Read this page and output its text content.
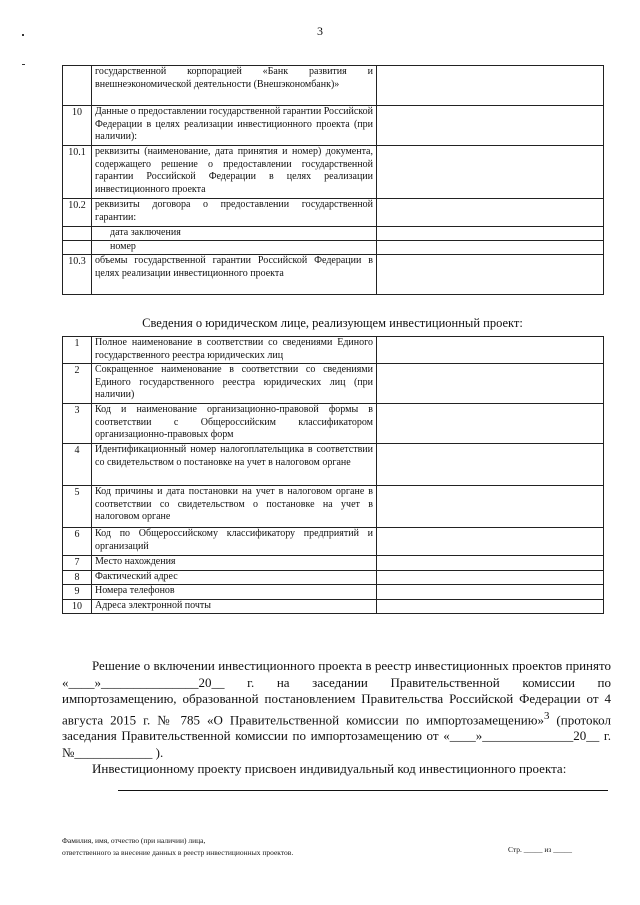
3
	государственной корпорацией «Банк развития и внешнеэкономической деятельности (Внешэкономбанк)»	
10	Данные о предоставлении государственной гарантии Российской Федерации в целях реализации инвестиционного проекта (при наличии):	
10.1	реквизиты (наименование, дата принятия и номер) документа, содержащего решение о предоставлении государственной гарантии Российской Федерации в целях реализации инвестиционного проекта	
10.2	реквизиты договора о предоставлении государственной гарантии:	
	дата заключения	
	номер	
10.3	объемы государственной гарантии Российской Федерации в целях реализации инвестиционного проекта	
Сведения о юридическом лице, реализующем инвестиционный проект:
1	Полное наименование в соответствии со сведениями Единого государственного реестра юридических лиц	
2	Сокращенное наименование в соответствии со сведениями Единого государственного реестра юридических лиц (при наличии)	
3	Код и наименование организационно-правовой формы в соответствии с Общероссийским классификатором организационно-правовых форм	
4	Идентификационный номер налогоплательщика в соответствии со свидетельством о постановке на учет в налоговом органе	
5	Код причины и дата постановки на учет в налоговом органе в соответствии со свидетельством о постановке на учет в налоговом органе	
6	Код по Общероссийскому классификатору предприятий и организаций	
7	Место нахождения	
8	Фактический адрес	
9	Номера телефонов	
10	Адреса электронной почты	

Решение о включении инвестиционного проекта в реестр инвестиционных проектов принято «____»_______________20__ г. на заседании Правительственной комиссии по импортозамещению, образованной постановлением Правительства Российской Федерации от 4 августа 2015 г. № 785 «О Правительственной комиссии по импортозамещению»$^3$ (протокол заседания Правительственной комиссии по импортозамещению от «____»______________20__ г. №____________ ).

Инвестиционному проекту присвоен индивидуальный код инвестиционного проекта:

Фамилия, имя, отчество (при наличии) лица,
ответственного за внесение данных в реестр инвестиционных проектов.	Стр. _____ из _____
